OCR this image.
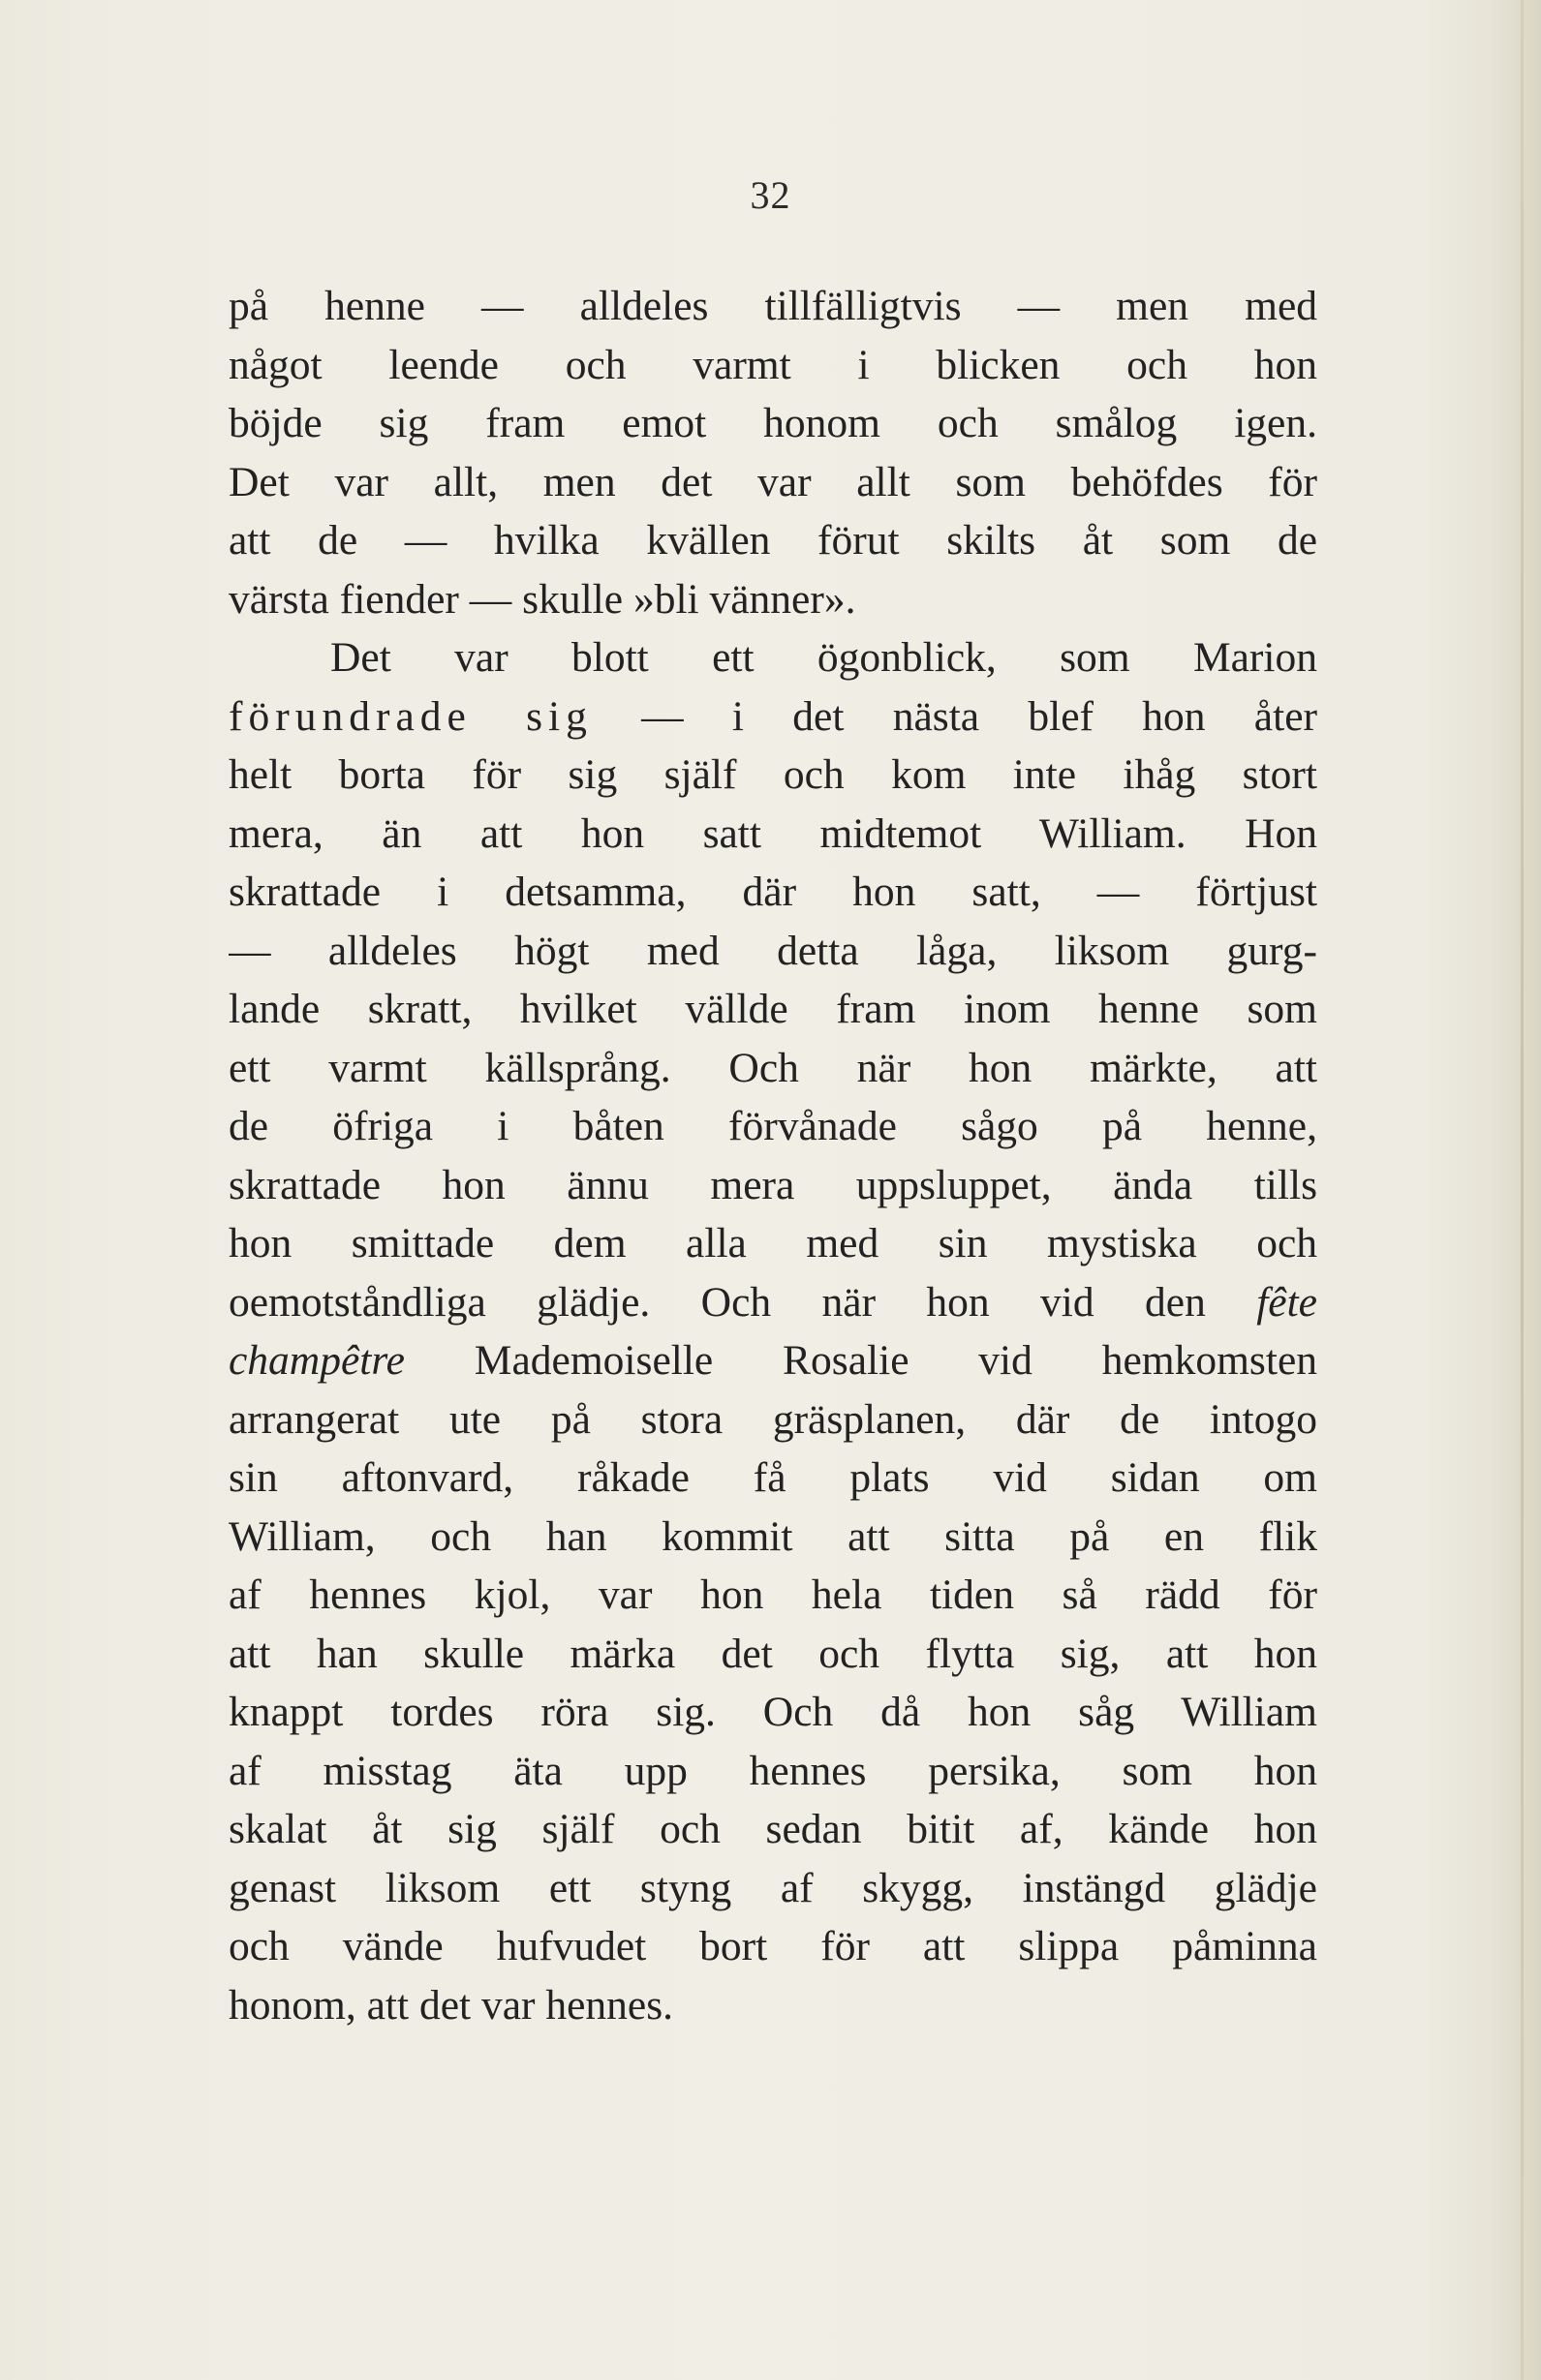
32
på henne — alldeles tillfälligtvis — men med
något leende och varmt i blicken och hon
böjde sig fram emot honom och smålog igen.
Det var allt, men det var allt som behöfdes för
att de — hvilka kvällen förut skilts åt som de
värsta fiender — skulle »bli vänner».
Det var blott ett ögonblick, som Marion
förundrade sig — i det nästa blef hon åter
helt borta för sig själf och kom inte ihåg stort
mera, än att hon satt midtemot William. Hon
skrattade i detsamma, där hon satt, — förtjust
— alldeles högt med detta låga, liksom gurg-
lande skratt, hvilket vällde fram inom henne som
ett varmt källsprång. Och när hon märkte, att
de öfriga i båten förvånade sågo på henne,
skrattade hon ännu mera uppsluppet, ända tills
hon smittade dem alla med sin mystiska och
oemotståndliga glädje. Och när hon vid den fête
champêtre Mademoiselle Rosalie vid hemkomsten
arrangerat ute på stora gräsplanen, där de intogo
sin aftonvard, råkade få plats vid sidan om
William, och han kommit att sitta på en flik
af hennes kjol, var hon hela tiden så rädd för
att han skulle märka det och flytta sig, att hon
knappt tordes röra sig. Och då hon såg William
af misstag äta upp hennes persika, som hon
skalat åt sig själf och sedan bitit af, kände hon
genast liksom ett styng af skygg, instängd glädje
och vände hufvudet bort för att slippa påminna
honom, att det var hennes.
